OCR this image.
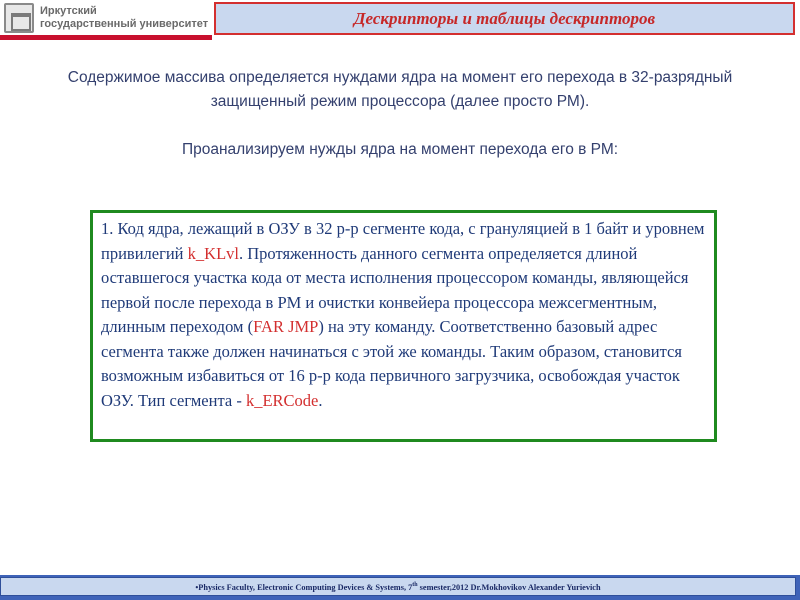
Иркутский
государственный университет	Дескрипторы и таблицы дескрипторов

Содержимое массива определяется нуждами ядра на момент его перехода в 32-разрядный защищенный режим процессора (далее просто РМ).

Проанализируем нужды ядра на момент перехода его в РМ:

1. Код ядра, лежащий в ОЗУ в 32 р-р сегменте кода, с грануляцией в 1 байт и уровнем привилегий k_KLvl. Протяженность данного сегмента определяется длиной оставшегося участка кода от места исполнения процессором команды, являющейся первой после перехода в РМ и очистки конвейера процессора межсегментным, длинным переходом (FAR JMP) на эту команду. Соответственно базовый адрес сегмента также должен начинаться с этой же команды. Таким образом, становится возможным избавиться от 16 р-р кода первичного загрузчика, освобождая участок ОЗУ. Тип сегмента - k_ERCode.
•Physics Faculty, Electronic Computing Devices & Systems, 7th semester,2012 Dr.Mokhovikov Alexander Yurievich
